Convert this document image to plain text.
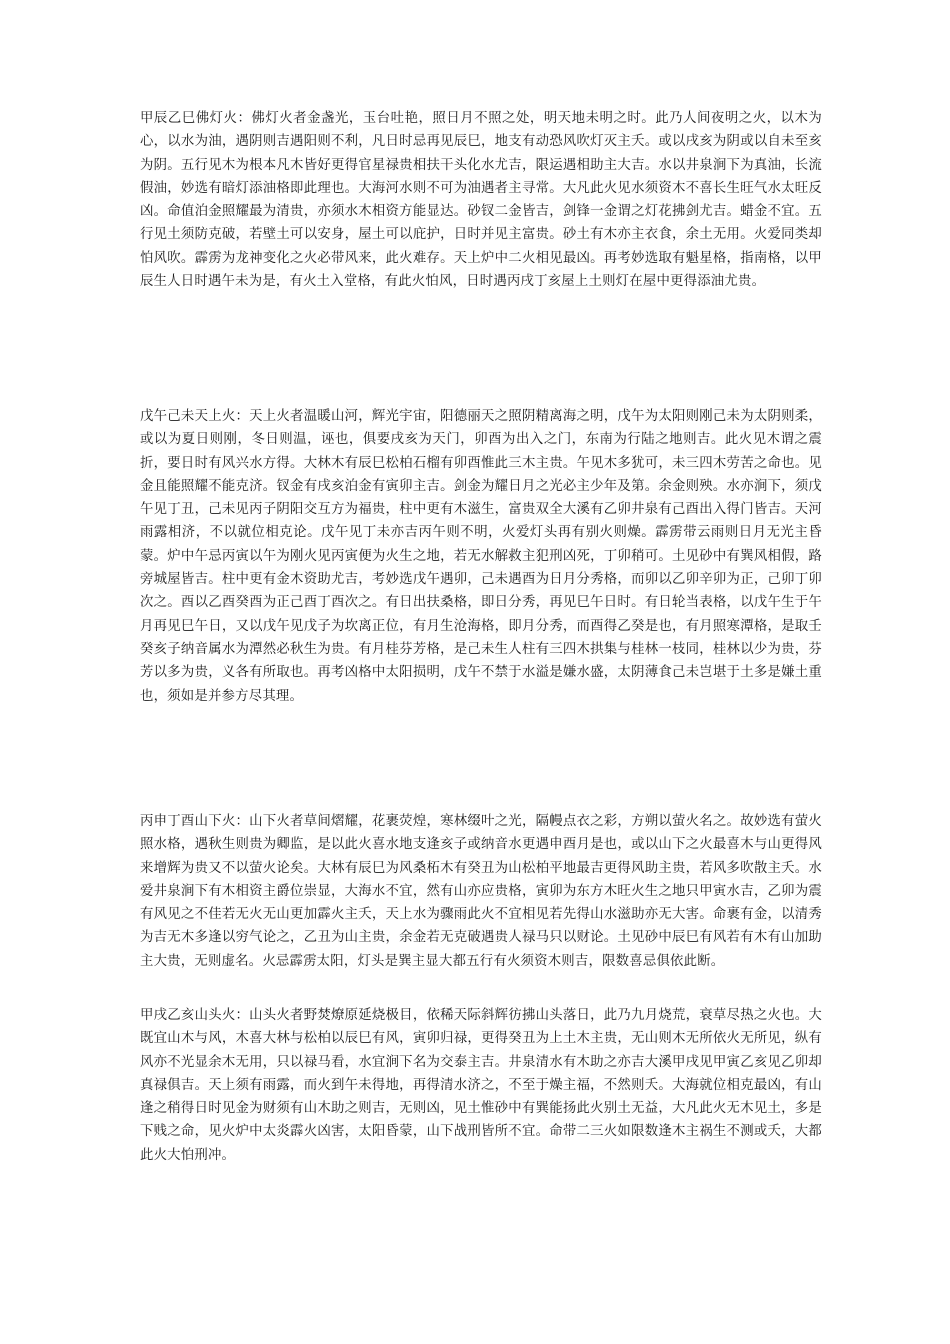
甲辰乙巳佛灯火：佛灯火者金盏光，玉台吐艳，照日月不照之处，明天地未明之时。此乃人间夜明之火，以木为心，以水为油，遇阴则吉遇阳则不利，凡日时忌再见辰巳，地支有动恐风吹灯灭主夭。或以戌亥为阴或以自未至亥为阴。五行见木为根本凡木皆好更得官星禄贵相扶干头化水尤吉，限运遇相助主大吉。水以井泉涧下为真油，长流假油，妙选有暗灯添油格即此理也。大海河水则不可为油遇者主寻常。大凡此火见水须资木不喜长生旺气水太旺反凶。命值泊金照耀最为清贵，亦须水木相资方能显达。砂钗二金皆吉，剑锋一金谓之灯花拂剑尤吉。蜡金不宜。五行见土须防克破，若壁土可以安身，屋土可以庇护，日时并见主富贵。砂土有木亦主衣食，余土无用。火爱同类却怕风吹。霹雳为龙神变化之火必带风来，此火难存。天上炉中二火相见最凶。再考妙选取有魁星格，指南格，以甲辰生人日时遇午未为是，有火土入堂格，有此火怕风，日时遇丙戌丁亥屋上土则灯在屋中更得添油尤贵。

戊午己未天上火：天上火者温暖山河，辉光宇宙，阳德丽天之照阴精离海之明，戊午为太阳则刚己未为太阴则柔，或以为夏日则刚，冬日则温，诬也，俱要戌亥为天门，卯酉为出入之门，东南为行陆之地则吉。此火见木谓之震折，要日时有风兴水方得。大林木有辰巳松柏石榴有卯酉惟此三木主贵。午见木多犹可，未三四木劳苦之命也。见金且能照耀不能克济。钗金有戌亥泊金有寅卯主吉。剑金为耀日月之光必主少年及第。余金则殃。水亦涧下，须戊午见丁丑，己未见丙子阴阳交互方为福贵，柱中更有木滋生，富贵双全大溪有乙卯井泉有己酉出入得门皆吉。天河雨露相济，不以就位相克论。戊午见丁未亦吉丙午则不明，火爱灯头再有别火则燥。霹雳带云雨则日月无光主昏蒙。炉中午忌丙寅以午为刚火见丙寅便为火生之地，若无水解救主犯刑凶死，丁卯稍可。土见砂中有巽风相假，路旁城屋皆吉。柱中更有金木资助尤吉，考妙选戊午遇卯，己未遇酉为日月分秀格，而卯以乙卯辛卯为正，己卯丁卯次之。酉以乙酉癸酉为正己酉丁酉次之。有日出扶桑格，即日分秀，再见巳午日时。有日轮当表格，以戊午生于午月再见巳午日，又以戊午见戊子为坎离正位，有月生沧海格，即月分秀，而酉得乙癸是也，有月照寒潭格，是取壬癸亥子纳音属水为潭然必秋生为贵。有月桂芬芳格，是己未生人柱有三四木拱集与桂林一枝同，桂林以少为贵，芬芳以多为贵，义各有所取也。再考凶格中太阳损明，戊午不禁于水溢是嫌水盛，太阴薄食己未岂堪于土多是嫌土重也，须如是并参方尽其理。

丙申丁酉山下火：山下火者草间熠耀，花裹荧煌，寒林缀叶之光，隔幔点衣之彩，方朔以萤火名之。故妙选有萤火照水格，遇秋生则贵为卿监，是以此火喜水地支逢亥子或纳音水更遇申酉月是也，或以山下之火最喜木与山更得风来增辉为贵又不以萤火论矣。大林有辰巳为风桑柘木有癸丑为山松柏平地最吉更得风助主贵，若风多吹散主夭。水爱井泉涧下有木相资主爵位崇显，大海水不宜，然有山亦应贵格，寅卯为东方木旺火生之地只甲寅水吉，乙卯为震有风见之不佳若无火无山更加霹火主夭，天上水为骤雨此火不宜相见若先得山水滋助亦无大害。命裹有金，以清秀为吉无木多逢以穷气论之，乙丑为山主贵，余金若无克破遇贵人禄马只以财论。土见砂中辰巳有风若有木有山加助主大贵，无则虚名。火忌霹雳太阳，灯头是巽主显大都五行有火须资木则吉，限数喜忌俱依此断。

甲戌乙亥山头火：山头火者野焚燎原延烧极目，依稀天际斜辉彷拂山头落日，此乃九月烧荒，衰草尽热之火也。大既宜山木与风，木喜大林与松柏以辰巳有风，寅卯归禄，更得癸丑为上土木主贵，无山则木无所依火无所见，纵有风亦不光显余木无用，只以禄马看，水宜涧下名为交泰主吉。井泉清水有木助之亦吉大溪甲戌见甲寅乙亥见乙卯却真禄俱吉。天上须有雨露，而火到午未得地，再得清水济之，不至于燥主福，不然则夭。大海就位相克最凶，有山逢之稍得日时见金为财须有山木助之则吉，无则凶，见土惟砂中有巽能扬此火别土无益，大凡此火无木见土，多是下贱之命，见火炉中太炎霹火凶害，太阳昏蒙，山下战刑皆所不宜。命带二三火如限数逢木主祸生不测或夭，大都此火大怕刑冲。
